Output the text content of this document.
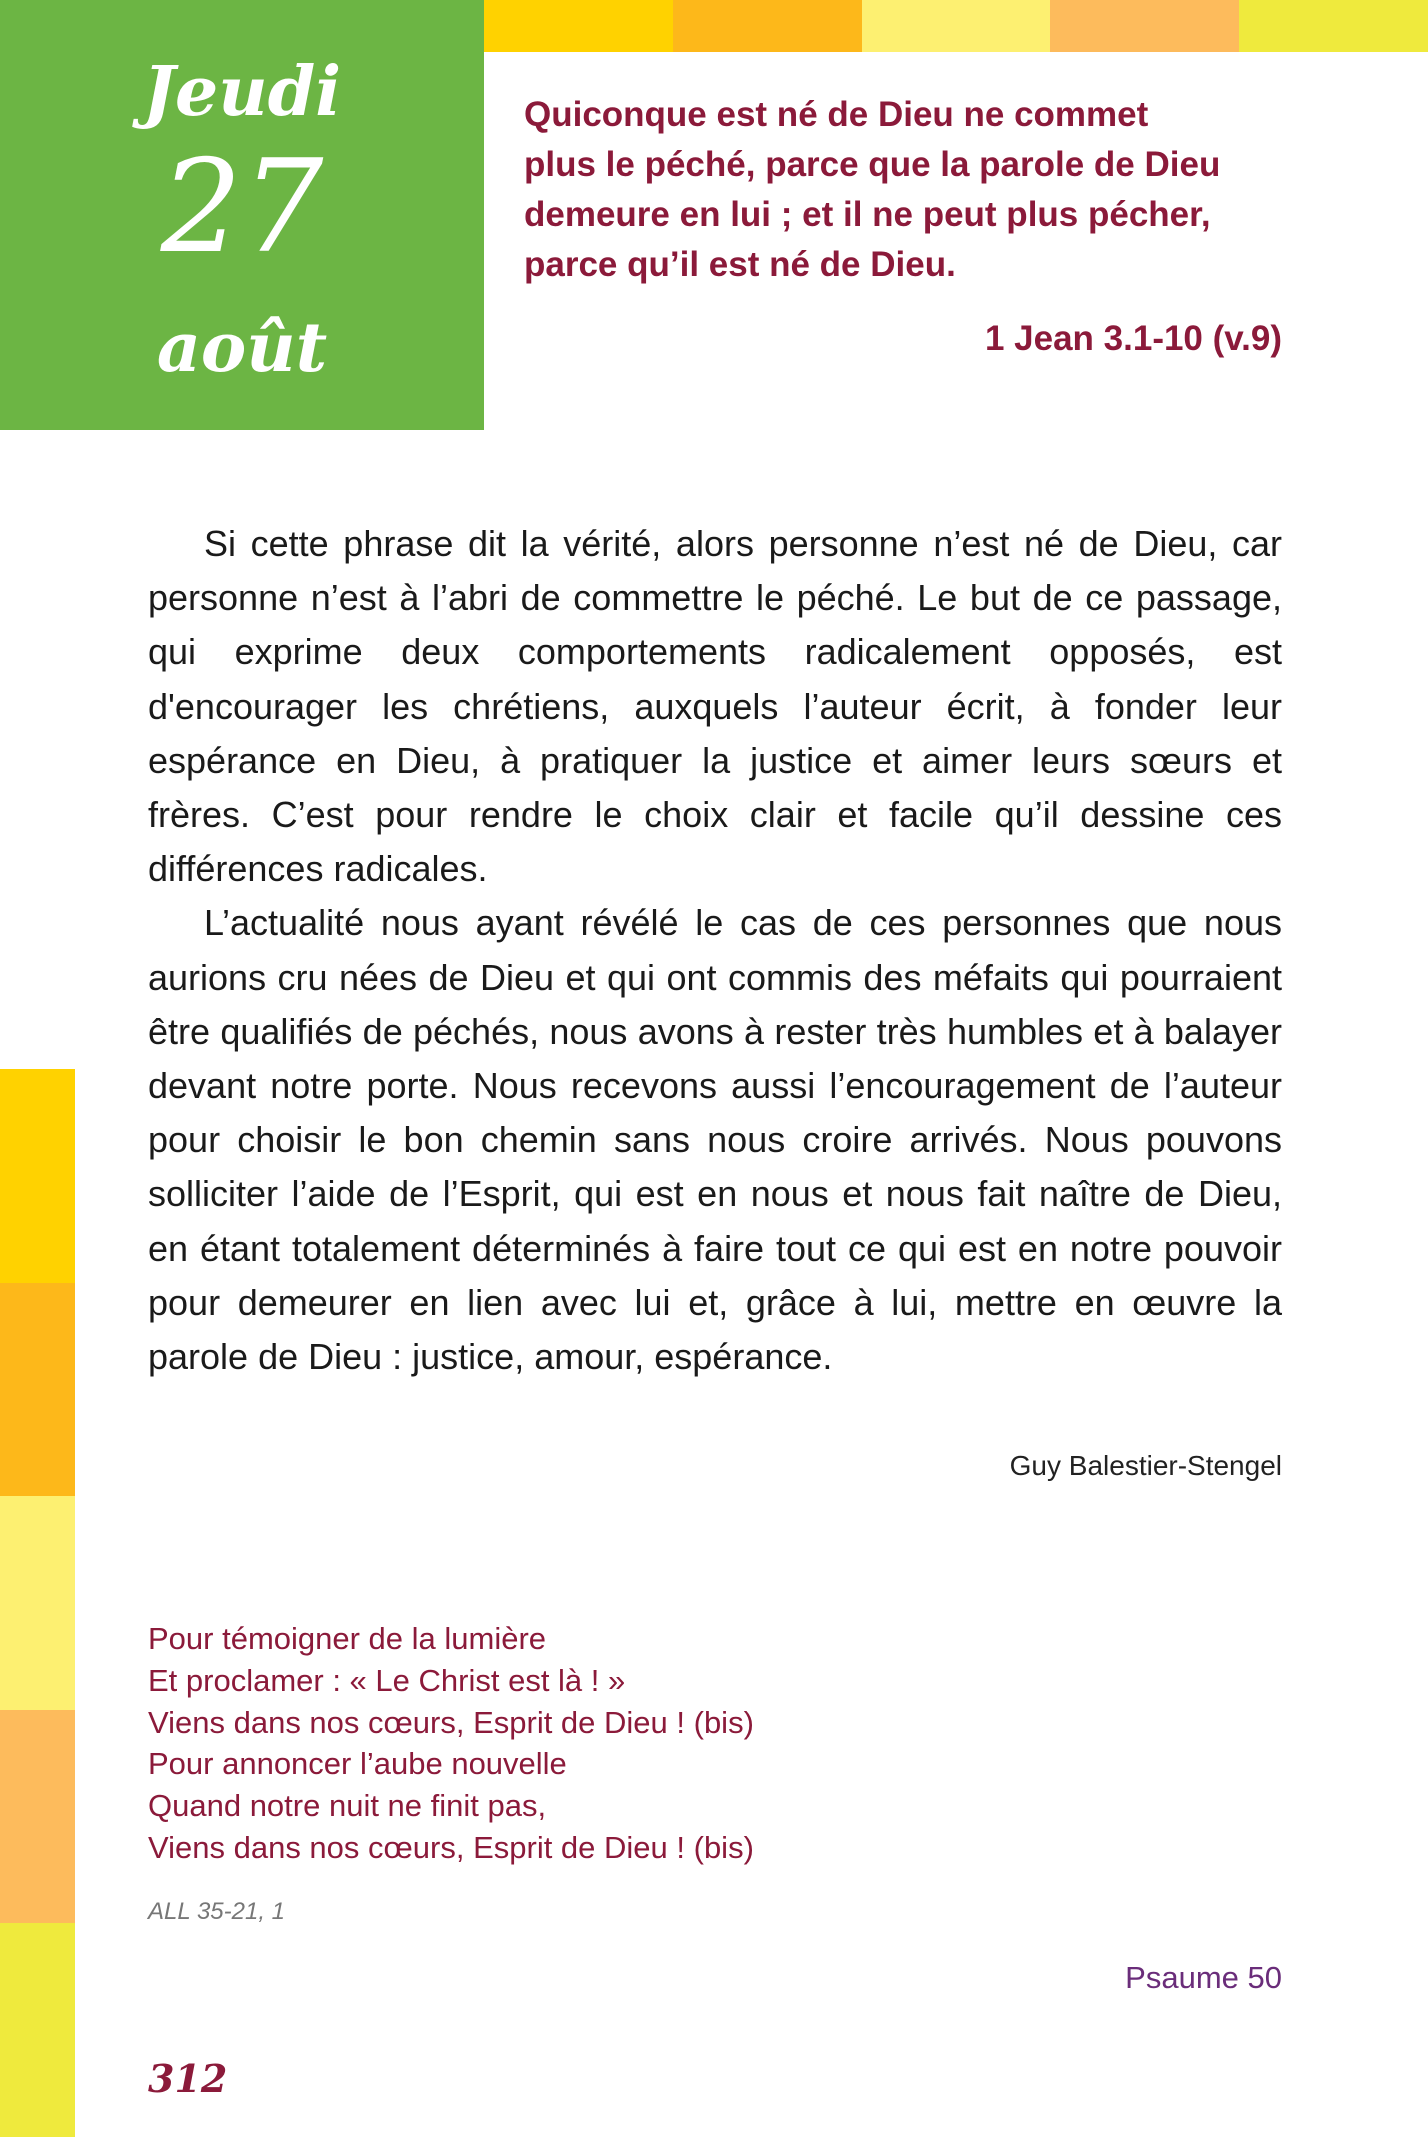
Jeudi
27
août
Quiconque est né de Dieu ne commet
plus le péché, parce que la parole de Dieu
demeure en lui ; et il ne peut plus pécher,
parce qu’il est né de Dieu.
1 Jean 3.1-10 (v.9)

Si cette phrase dit la vérité, alors personne n’est né de Dieu, car personne n’est à l’abri de commettre le péché. Le but de ce passage, qui exprime deux comportements radicalement opposés, est d'encourager les chrétiens, auxquels l’auteur écrit, à fonder leur espérance en Dieu, à pratiquer la justice et aimer leurs sœurs et frères. C’est pour rendre le choix clair et facile qu’il dessine ces différences radicales.

L’actualité nous ayant révélé le cas de ces personnes que nous aurions cru nées de Dieu et qui ont commis des méfaits qui pourraient être qualifiés de péchés, nous avons à rester très humbles et à balayer devant notre porte. Nous recevons aussi l’encouragement de l’auteur pour choisir le bon chemin sans nous croire arrivés. Nous pouvons solliciter l’aide de l’Esprit, qui est en nous et nous fait naître de Dieu, en étant totalement déterminés à faire tout ce qui est en notre pouvoir pour demeurer en lien avec lui et, grâce à lui, mettre en œuvre la parole de Dieu : justice, amour, espérance.

Guy Balestier-Stengel
Pour témoigner de la lumière
Et proclamer : « Le Christ est là ! »
Viens dans nos cœurs, Esprit de Dieu ! (bis)
Pour annoncer l’aube nouvelle
Quand notre nuit ne finit pas,
Viens dans nos cœurs, Esprit de Dieu ! (bis)
ALL 35-21, 1
Psaume 50
312
